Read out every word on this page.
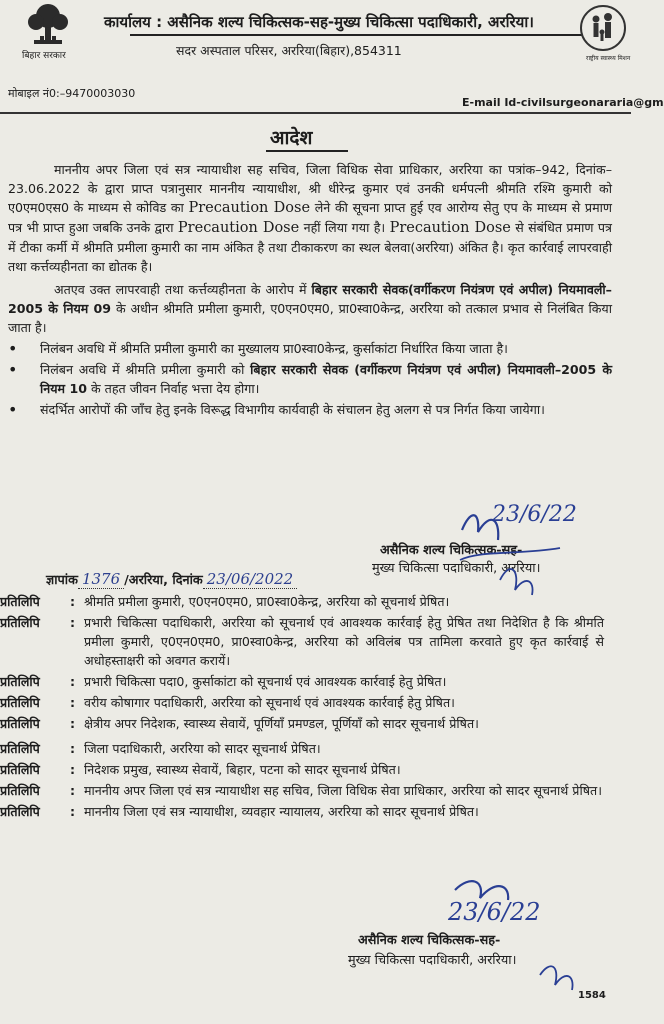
बिहार सरकार
कार्यालय : असैनिक शल्य चिकित्सक-सह-मुख्य चिकित्सा पदाधिकारी, अररिया।
सदर अस्पताल परिसर, अररिया(बिहार),854311
राष्ट्रीय स्वास्थ्य मिशन
मोबाइल नं0:–9470003030
E-mail Id-civilsurgeonararia@gm
आदेश

माननीय अपर जिला एवं सत्र न्यायाधीश सह सचिव, जिला विधिक सेवा प्राधिकार, अररिया का पत्रांक–942, दिनांक–23.06.2022 के द्वारा प्राप्त पत्रानुसार माननीय न्यायाधीश, श्री धीरेन्द्र कुमार एवं उनकी धर्मपत्नी श्रीमति रश्मि कुमारी को ए0एम0एस0 के माध्यम से कोविड का Precaution Dose लेने की सूचना प्राप्त हुई एव आरोग्य सेतु एप के माध्यम से प्रमाण पत्र भी प्राप्त हुआ जबकि उनके द्वारा Precaution Dose नहीं लिया गया है। Precaution Dose से संबंधित प्रमाण पत्र में टीका कर्मी में श्रीमति प्रमीला कुमारी का नाम अंकित है तथा टीकाकरण का स्थल बेलवा(अररिया) अंकित है। कृत कार्रवाई लापरवाही तथा कर्त्तव्यहीनता का द्योतक है।

अतएव उक्त लापरवाही तथा कर्त्तव्यहीनता के आरोप में बिहार सरकारी सेवक(वर्गीकरण नियंत्रण एवं अपील) नियमावली–2005 के नियम 09 के अधीन श्रीमति प्रमीला कुमारी, ए0एन0एम0, प्रा0स्वा0केन्द्र, अररिया को तत्काल प्रभाव से निलंबित किया जाता है।

• निलंबन अवधि में श्रीमति प्रमीला कुमारी का मुख्यालय प्रा0स्वा0केन्द्र, कुर्साकांटा निर्धारित किया जाता है।

• निलंबन अवधि में श्रीमति प्रमीला कुमारी को बिहार सरकारी सेवक (वर्गीकरण नियंत्रण एवं अपील) नियमावली–2005 के नियम 10 के तहत जीवन निर्वाह भत्ता देय होगा।

• संदर्भित आरोपों की जाँच हेतु इनके विरूद्ध विभागीय कार्यवाही के संचालन हेतु अलग से पत्र निर्गत किया जायेगा।

असैनिक शल्य चिकित्सक-सह-
मुख्य चिकित्सा पदाधिकारी, अररिया।
23/6/22
ज्ञापांक 1376 /अररिया, दिनांक 23/06/2022
प्रतिलिपि	: श्रीमति प्रमीला कुमारी, ए0एन0एम0, प्रा0स्वा0केन्द्र, अररिया को सूचनार्थ प्रेषित।
प्रतिलिपि	: प्रभारी चिकित्सा पदाधिकारी, अररिया को सूचनार्थ एवं आवश्यक कार्रवाई हेतु प्रेषित तथा निदेशित है कि श्रीमति प्रमीला कुमारी, ए0एन0एम0, प्रा0स्वा0केन्द्र, अररिया को अविलंब पत्र तामिला करवाते हुए कृत कार्रवाई से अधोहस्ताक्षरी को अवगत करायें।
प्रतिलिपि	: प्रभारी चिकित्सा पदा0, कुर्साकांटा को सूचनार्थ एवं आवश्यक कार्रवाई हेतु प्रेषित।
प्रतिलिपि	: वरीय कोषागार पदाधिकारी, अररिया को सूचनार्थ एवं आवश्यक कार्रवाई हेतु प्रेषित।
प्रतिलिपि	: क्षेत्रीय अपर निदेशक, स्वास्थ्य सेवायें, पूर्णियाँ प्रमण्डल, पूर्णियाँ को सादर सूचनार्थ प्रेषित।
प्रतिलिपि	: जिला पदाधिकारी, अररिया को सादर सूचनार्थ प्रेषित।
प्रतिलिपि	: निदेशक प्रमुख, स्वास्थ्य सेवायें, बिहार, पटना को सादर सूचनार्थ प्रेषित।
प्रतिलिपि	: माननीय अपर जिला एवं सत्र न्यायाधीश सह सचिव, जिला विधिक सेवा प्राधिकार, अररिया को सादर सूचनार्थ प्रेषित।
प्रतिलिपि	: माननीय जिला एवं सत्र न्यायाधीश, व्यवहार न्यायालय, अररिया को सादर सूचनार्थ प्रेषित।
23/6/22
असैनिक शल्य चिकित्सक-सह-
मुख्य चिकित्सा पदाधिकारी, अररिया।
1584
